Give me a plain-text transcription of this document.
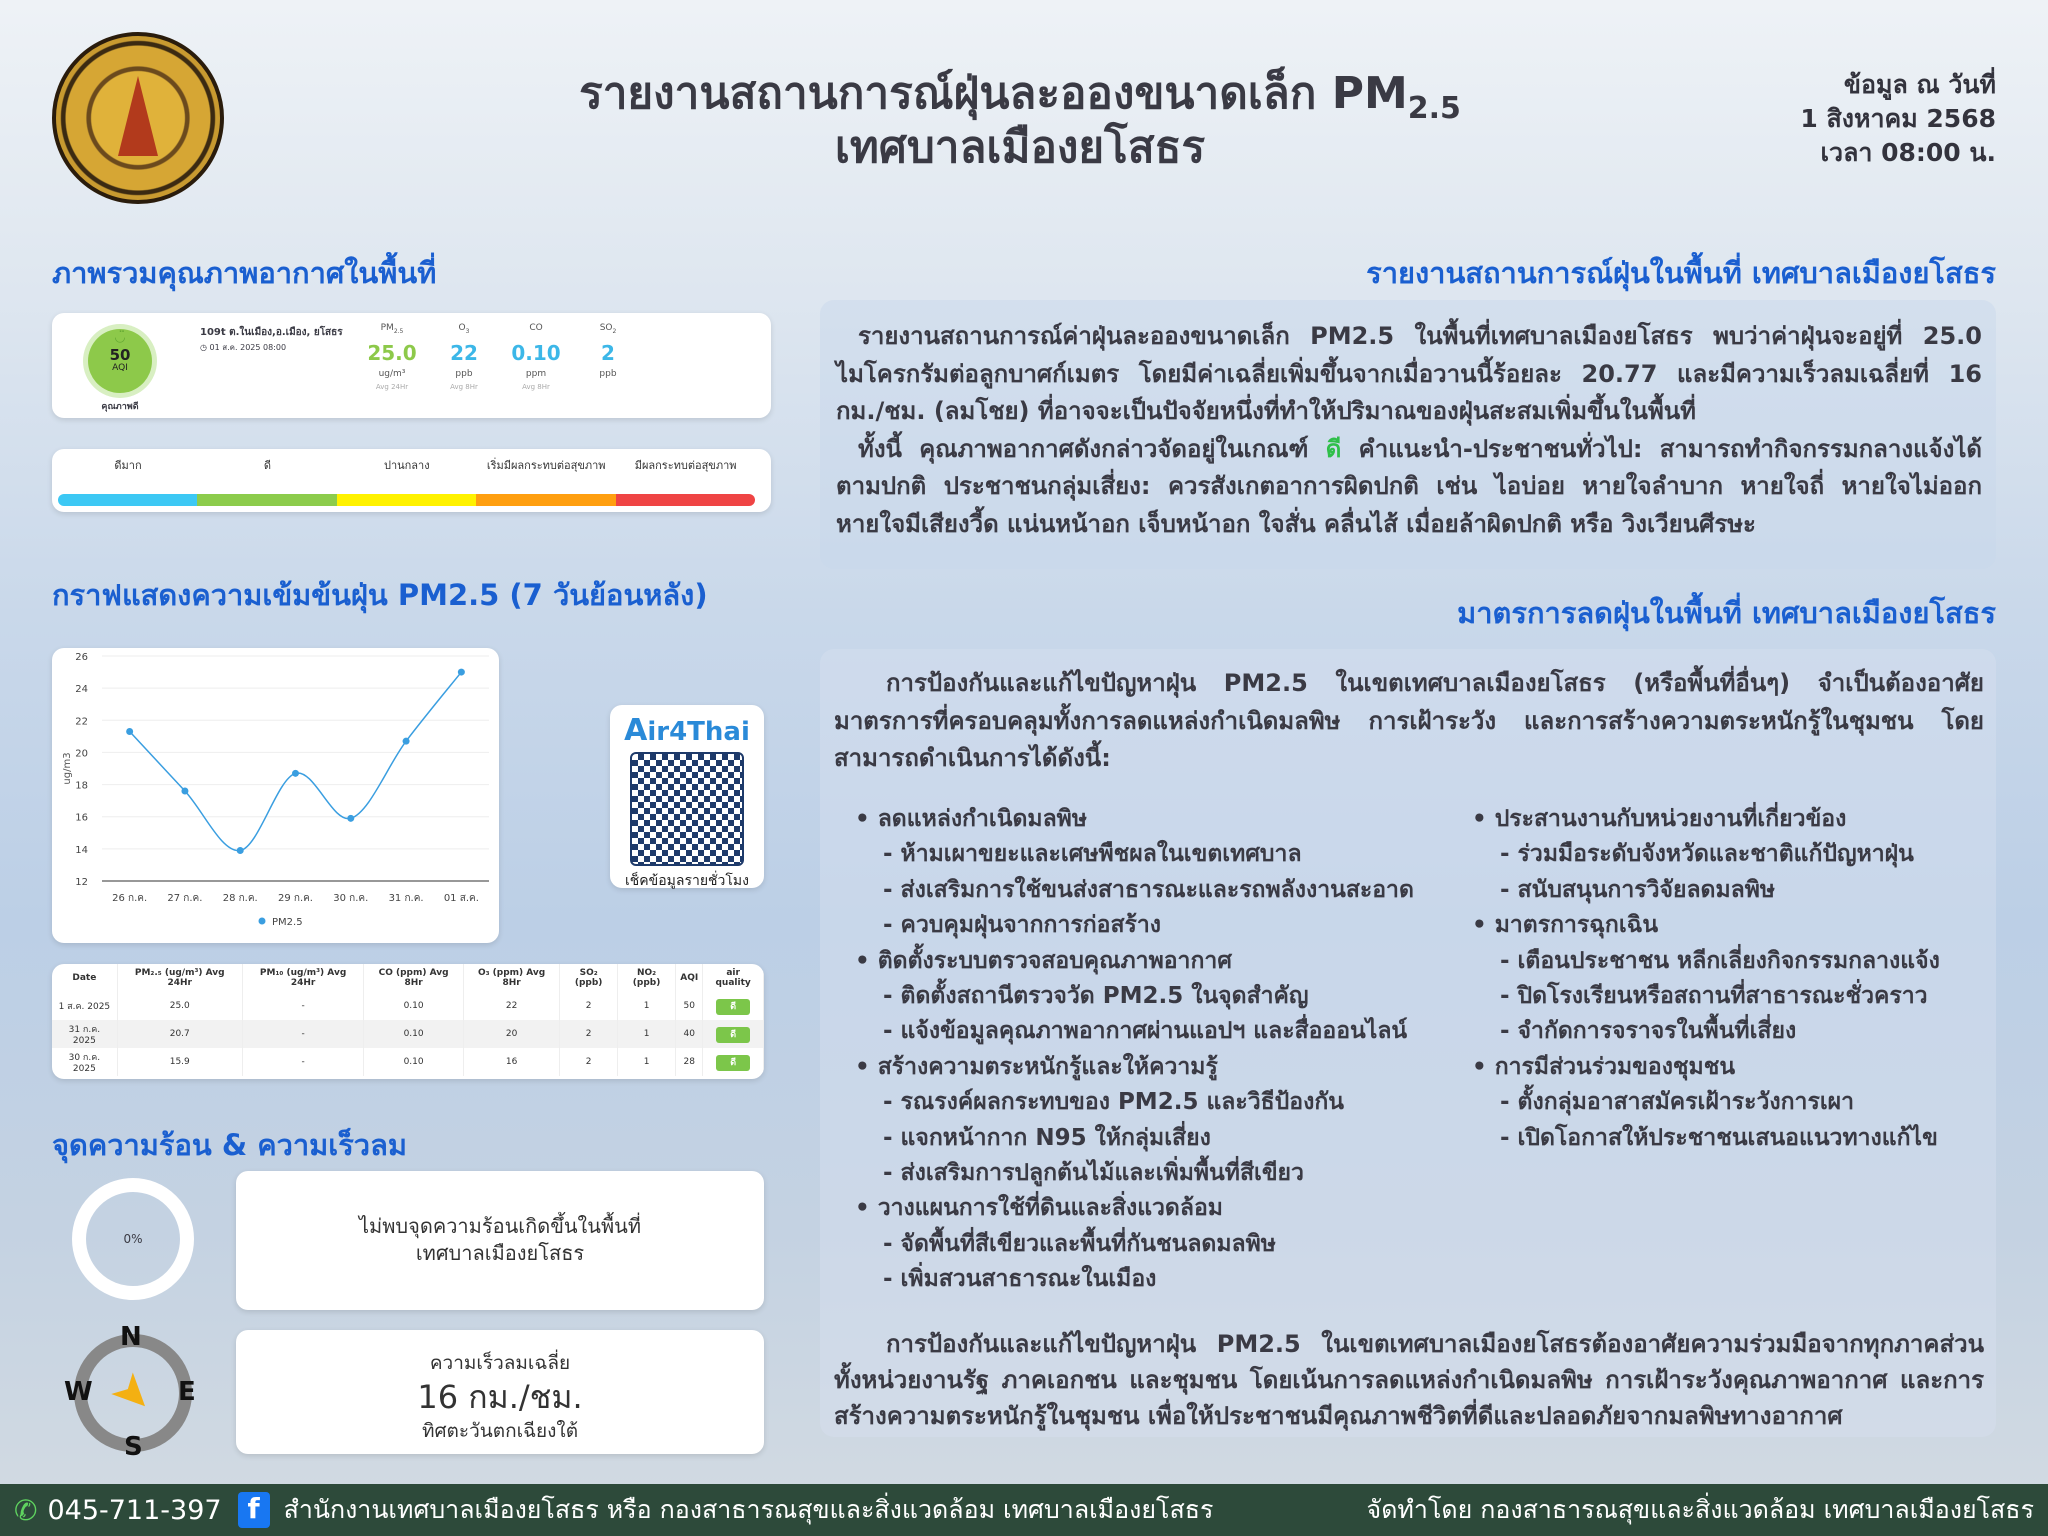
รายงานสถานการณ์ฝุ่นละอองขนาดเล็ก $PM_{2.5}$
เทศบาลเมืองยโสธร
ข้อมูล ณ วันที่
1 สิงหาคม 2568
เวลา 08:00 น.
ภาพรวมคุณภาพอากาศในพื้นที่
◡̈
50
AQI
คุณภาพดี
109t ต.ในเมือง,อ.เมือง, ยโสธร
◷ 01 ส.ค. 2025 08:00
$PM_{2.5}$
25.0
ug/m³
Avg 24Hr
$O_3$
22
ppb
Avg 8Hr
CO
0.10
ppm
Avg 8Hr
$SO_2$
2
ppb
ดีมาก	ดี	ปานกลาง	เริ่มมีผลกระทบต่อสุขภาพ	มีผลกระทบต่อสุขภาพ
กราฟแสดงความเข้มข้นฝุ่น PM2.5 (7 วันย้อนหลัง)
12
14
16
18
20
22
24
26
ug/m3
26 ก.ค. 27 ก.ค. 28 ก.ค. 29 ก.ค. 30 ก.ค. 31 ก.ค. 01 ส.ค.
PM2.5
Air4Thai
เช็คข้อมูลรายชั่วโมง
Date	PM₂.₅ (ug/m³) Avg 24Hr	PM₁₀ (ug/m³) Avg 24Hr	CO (ppm) Avg 8Hr	O₃ (ppm) Avg 8Hr	SO₂ (ppb)	NO₂ (ppb)	AQI	air quality
1 ส.ค. 2025	25.0	-	0.10	22	2	1	50	ดี
31 ก.ค. 2025	20.7	-	0.10	20	2	1	40	ดี
30 ก.ค. 2025	15.9	-	0.10	16	2	1	28	ดี
จุดความร้อน & ความเร็วลม
0%
ไม่พบจุดความร้อนเกิดขึ้นในพื้นที่
เทศบาลเมืองยโสธร
➤
N
S
W	E
ความเร็วลมเฉลี่ย
16 กม./ชม.
ทิศตะวันตกเฉียงใต้
รายงานสถานการณ์ฝุ่นในพื้นที่ เทศบาลเมืองยโสธร
รายงานสถานการณ์ค่าฝุ่นละอองขนาดเล็ก PM2.5 ในพื้นที่เทศบาลเมืองยโสธร พบว่าค่าฝุ่นจะอยู่ที่ 25.0 ไมโครกรัมต่อลูกบาศก์เมตร โดยมีค่าเฉลี่ยเพิ่มขึ้นจากเมื่อวานนี้ร้อยละ 20.77 และมีความเร็วลมเฉลี่ยที่ 16 กม./ชม. (ลมโชย) ที่อาจจะเป็นปัจจัยหนึ่งที่ทำให้ปริมาณของฝุ่นสะสมเพิ่มขึ้นในพื้นที่
ทั้งนี้ คุณภาพอากาศดังกล่าวจัดอยู่ในเกณฑ์ ดี คำแนะนำ-ประชาชนทั่วไป: สามารถทำกิจกรรมกลางแจ้งได้ตามปกติ ประชาชนกลุ่มเสี่ยง: ควรสังเกตอาการผิดปกติ เช่น ไอบ่อย หายใจลำบาก หายใจถี่ หายใจไม่ออก หายใจมีเสียงวี้ด แน่นหน้าอก เจ็บหน้าอก ใจสั่น คลื่นไส้ เมื่อยล้าผิดปกติ หรือ วิงเวียนศีรษะ
มาตรการลดฝุ่นในพื้นที่ เทศบาลเมืองยโสธร
การป้องกันและแก้ไขปัญหาฝุ่น PM2.5 ในเขตเทศบาลเมืองยโสธร (หรือพื้นที่อื่นๆ) จำเป็นต้องอาศัยมาตรการที่ครอบคลุมทั้งการลดแหล่งกำเนิดมลพิษ การเฝ้าระวัง และการสร้างความตระหนักรู้ในชุมชน โดยสามารถดำเนินการได้ดังนี้:
• ลดแหล่งกำเนิดมลพิษ
- ห้ามเผาขยะและเศษพืชผลในเขตเทศบาล
- ส่งเสริมการใช้ขนส่งสาธารณะและรถพลังงานสะอาด
- ควบคุมฝุ่นจากการก่อสร้าง
• ติดตั้งระบบตรวจสอบคุณภาพอากาศ
- ติดตั้งสถานีตรวจวัด PM2.5 ในจุดสำคัญ
- แจ้งข้อมูลคุณภาพอากาศผ่านแอปฯ และสื่อออนไลน์
• สร้างความตระหนักรู้และให้ความรู้
- รณรงค์ผลกระทบของ PM2.5 และวิธีป้องกัน
- แจกหน้ากาก N95 ให้กลุ่มเสี่ยง
- ส่งเสริมการปลูกต้นไม้และเพิ่มพื้นที่สีเขียว
• วางแผนการใช้ที่ดินและสิ่งแวดล้อม
- จัดพื้นที่สีเขียวและพื้นที่กันชนลดมลพิษ
- เพิ่มสวนสาธารณะในเมือง
• ประสานงานกับหน่วยงานที่เกี่ยวข้อง
- ร่วมมือระดับจังหวัดและชาติแก้ปัญหาฝุ่น
- สนับสนุนการวิจัยลดมลพิษ
• มาตรการฉุกเฉิน
- เตือนประชาชน หลีกเลี่ยงกิจกรรมกลางแจ้ง
- ปิดโรงเรียนหรือสถานที่สาธารณะชั่วคราว
- จำกัดการจราจรในพื้นที่เสี่ยง
• การมีส่วนร่วมของชุมชน
- ตั้งกลุ่มอาสาสมัครเฝ้าระวังการเผา
- เปิดโอกาสให้ประชาชนเสนอแนวทางแก้ไข
การป้องกันและแก้ไขปัญหาฝุ่น PM2.5 ในเขตเทศบาลเมืองยโสธรต้องอาศัยความร่วมมือจากทุกภาคส่วน ทั้งหน่วยงานรัฐ ภาคเอกชน และชุมชน โดยเน้นการลดแหล่งกำเนิดมลพิษ การเฝ้าระวังคุณภาพอากาศ และการสร้างความตระหนักรู้ในชุมชน เพื่อให้ประชาชนมีคุณภาพชีวิตที่ดีและปลอดภัยจากมลพิษทางอากาศ
✆ 045-711-397 f สำนักงานเทศบาลเมืองยโสธร หรือ กองสาธารณสุขและสิ่งแวดล้อม เทศบาลเมืองยโสธร	จัดทำโดย กองสาธารณสุขและสิ่งแวดล้อม เทศบาลเมืองยโสธร
